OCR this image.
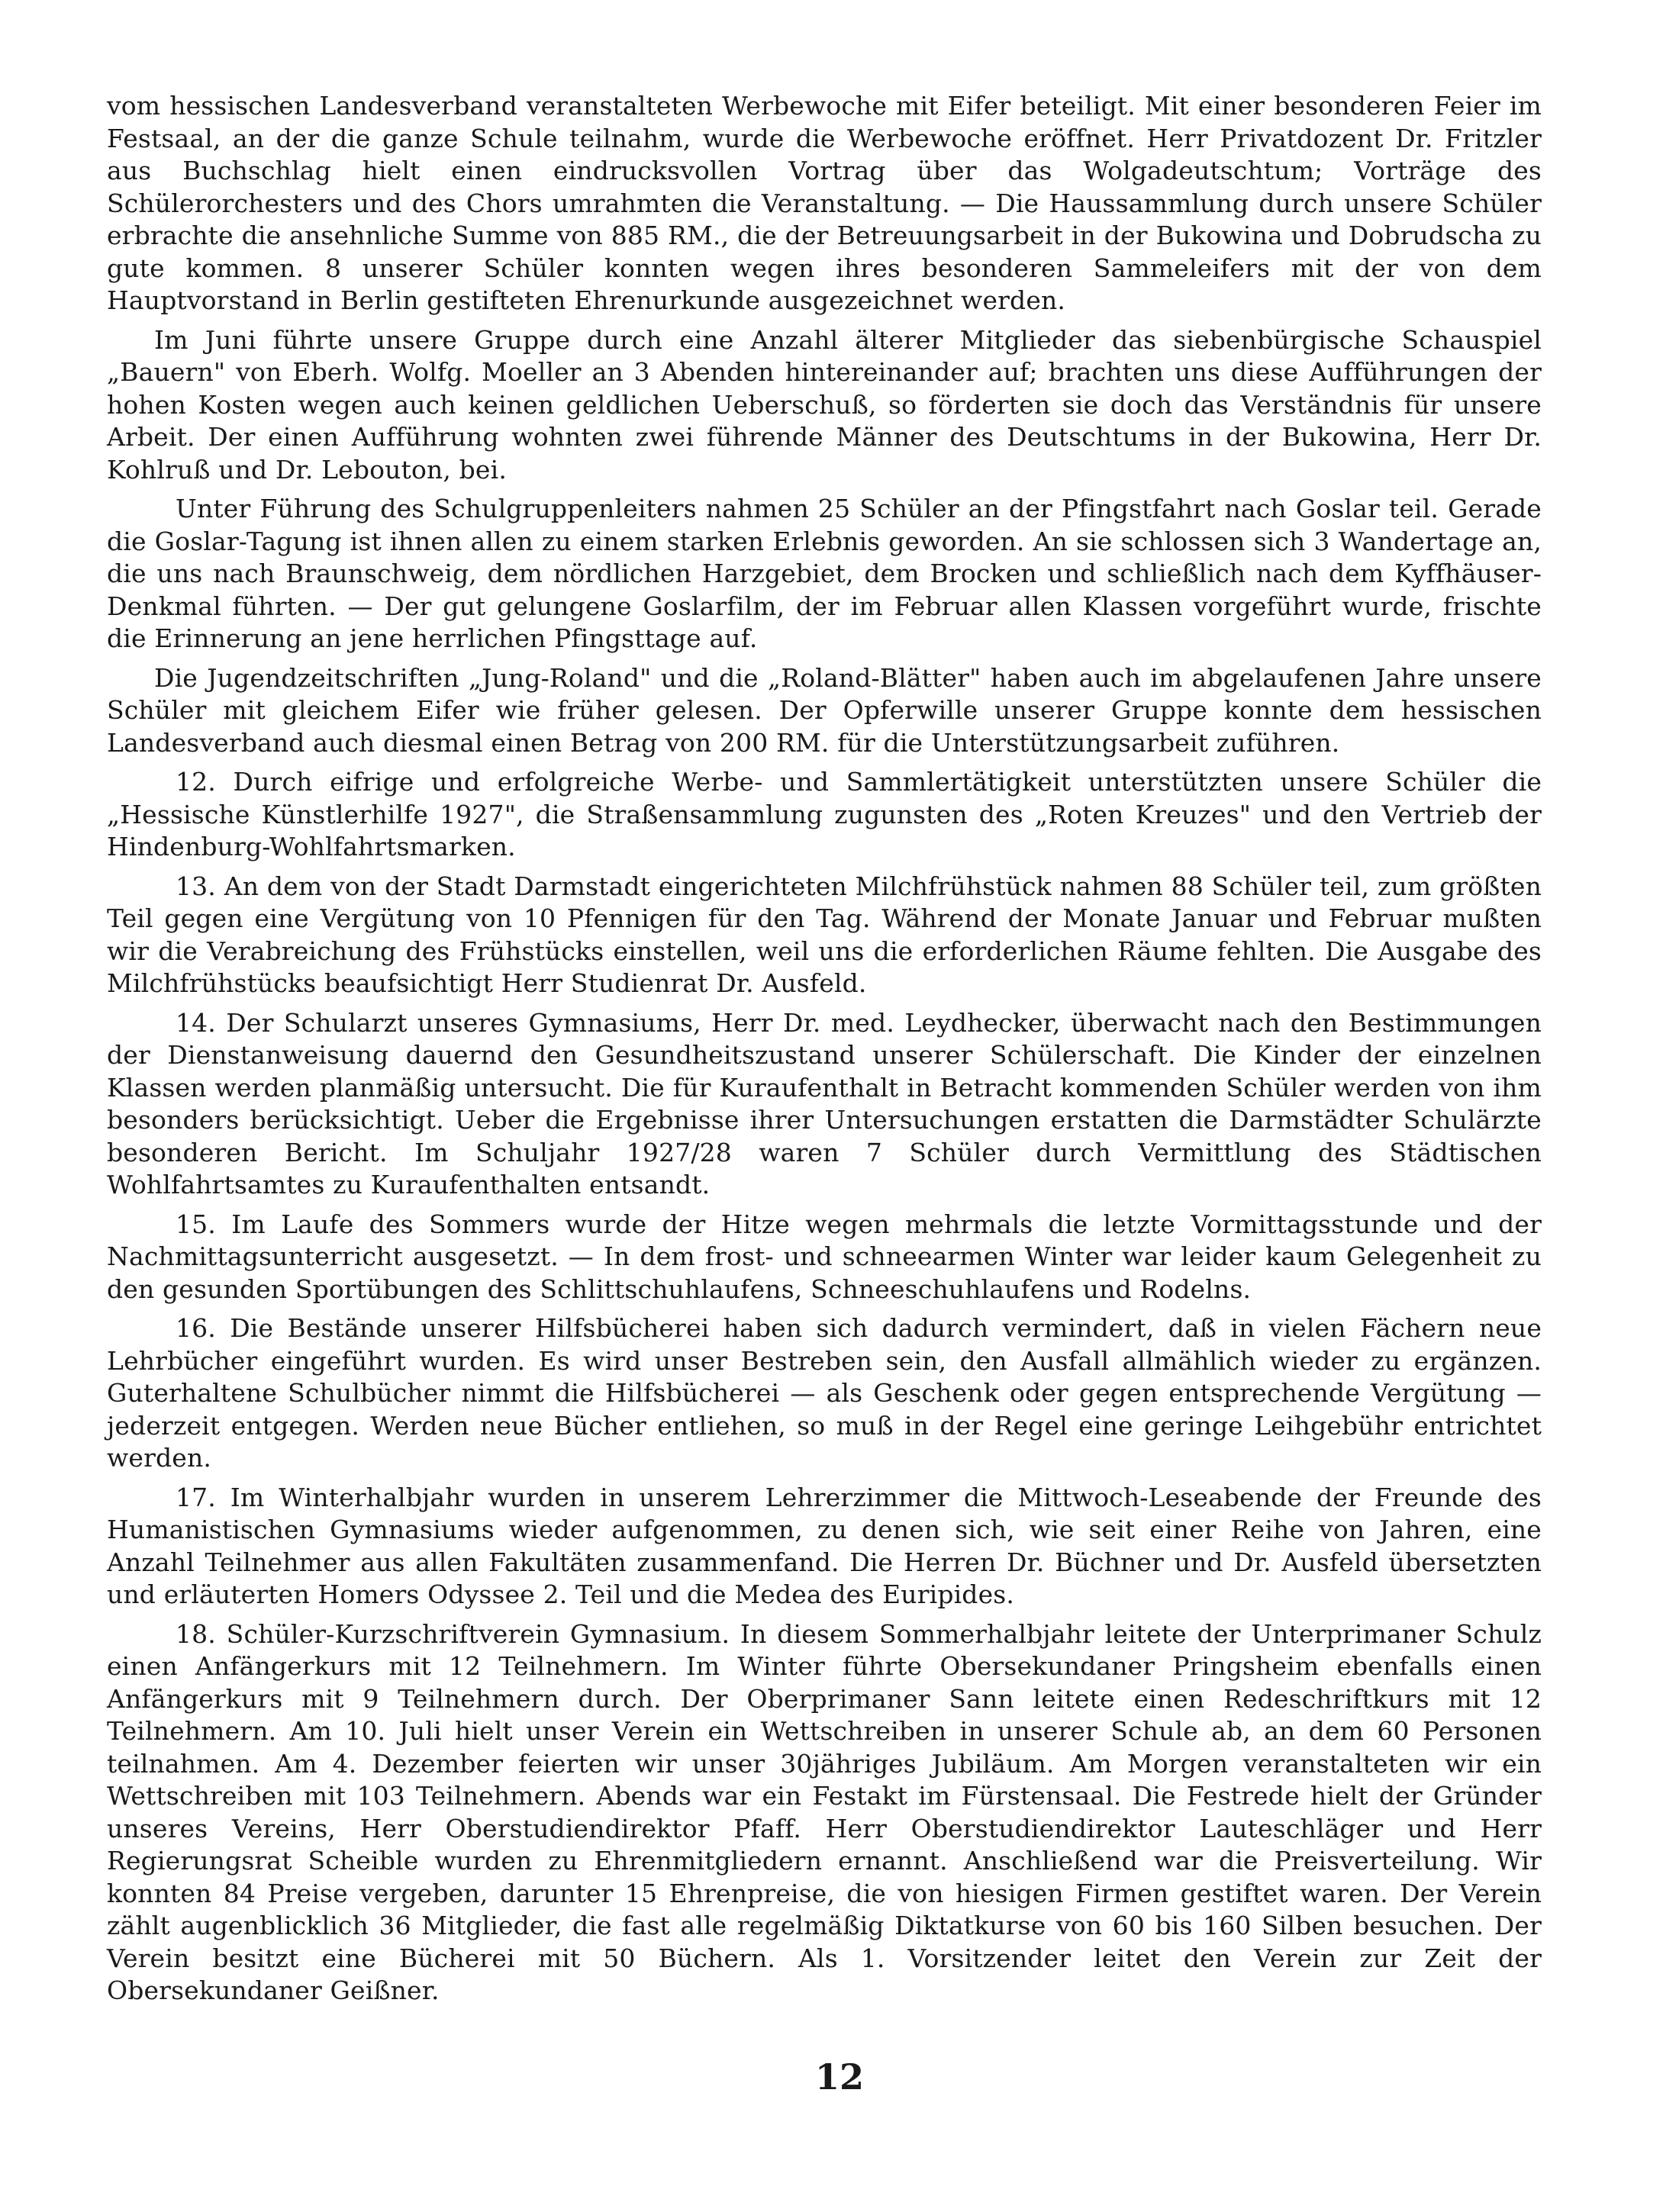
vom hessischen Landesverband veranstalteten Werbewoche mit Eifer beteiligt. Mit einer besonderen Feier im Festsaal, an der die ganze Schule teilnahm, wurde die Werbewoche eröffnet. Herr Privatdozent Dr. Fritzler aus Buchschlag hielt einen eindrucksvollen Vortrag über das Wolgadeutschtum; Vorträge des Schülerorchesters und des Chors umrahmten die Veranstaltung. — Die Haussammlung durch unsere Schüler erbrachte die ansehnliche Summe von 885 RM., die der Betreuungsarbeit in der Bukowina und Dobrudscha zu gute kommen. 8 unserer Schüler konnten wegen ihres besonderen Sammeleifers mit der von dem Hauptvorstand in Berlin gestifteten Ehrenurkunde ausgezeichnet werden.

Im Juni führte unsere Gruppe durch eine Anzahl älterer Mitglieder das siebenbürgische Schauspiel „Bauern" von Eberh. Wolfg. Moeller an 3 Abenden hintereinander auf; brachten uns diese Aufführungen der hohen Kosten wegen auch keinen geldlichen Ueberschuß, so förderten sie doch das Verständnis für unsere Arbeit. Der einen Aufführung wohnten zwei führende Männer des Deutschtums in der Bukowina, Herr Dr. Kohlruß und Dr. Lebouton, bei.

Unter Führung des Schulgruppenleiters nahmen 25 Schüler an der Pfingstfahrt nach Goslar teil. Gerade die Goslar-Tagung ist ihnen allen zu einem starken Erlebnis geworden. An sie schlossen sich 3 Wandertage an, die uns nach Braunschweig, dem nördlichen Harzgebiet, dem Brocken und schließlich nach dem Kyffhäuser-Denkmal führten. — Der gut gelungene Goslarfilm, der im Februar allen Klassen vorgeführt wurde, frischte die Erinnerung an jene herrlichen Pfingsttage auf.

Die Jugendzeitschriften „Jung-Roland" und die „Roland-Blätter" haben auch im abgelaufenen Jahre unsere Schüler mit gleichem Eifer wie früher gelesen. Der Opferwille unserer Gruppe konnte dem hessischen Landesverband auch diesmal einen Betrag von 200 RM. für die Unterstützungsarbeit zuführen.

12. Durch eifrige und erfolgreiche Werbe- und Sammlertätigkeit unterstützten unsere Schüler die „Hessische Künstlerhilfe 1927", die Straßensammlung zugunsten des „Roten Kreuzes" und den Vertrieb der Hindenburg-Wohlfahrtsmarken.

13. An dem von der Stadt Darmstadt eingerichteten Milchfrühstück nahmen 88 Schüler teil, zum größten Teil gegen eine Vergütung von 10 Pfennigen für den Tag. Während der Monate Januar und Februar mußten wir die Verabreichung des Frühstücks einstellen, weil uns die erforderlichen Räume fehlten. Die Ausgabe des Milchfrühstücks beaufsichtigt Herr Studienrat Dr. Ausfeld.

14. Der Schularzt unseres Gymnasiums, Herr Dr. med. Leydhecker, überwacht nach den Bestimmungen der Dienstanweisung dauernd den Gesundheitszustand unserer Schülerschaft. Die Kinder der einzelnen Klassen werden planmäßig untersucht. Die für Kuraufenthalt in Betracht kommenden Schüler werden von ihm besonders berücksichtigt. Ueber die Ergebnisse ihrer Untersuchungen erstatten die Darmstädter Schulärzte besonderen Bericht. Im Schuljahr 1927/28 waren 7 Schüler durch Vermittlung des Städtischen Wohlfahrtsamtes zu Kuraufenthalten entsandt.

15. Im Laufe des Sommers wurde der Hitze wegen mehrmals die letzte Vormittagsstunde und der Nachmittagsunterricht ausgesetzt. — In dem frost- und schneearmen Winter war leider kaum Gelegenheit zu den gesunden Sportübungen des Schlittschuhlaufens, Schneeschuhlaufens und Rodelns.

16. Die Bestände unserer Hilfsbücherei haben sich dadurch vermindert, daß in vielen Fächern neue Lehrbücher eingeführt wurden. Es wird unser Bestreben sein, den Ausfall allmählich wieder zu ergänzen. Guterhaltene Schulbücher nimmt die Hilfsbücherei — als Geschenk oder gegen entsprechende Vergütung — jederzeit entgegen. Werden neue Bücher entliehen, so muß in der Regel eine geringe Leihgebühr entrichtet werden.

17. Im Winterhalbjahr wurden in unserem Lehrerzimmer die Mittwoch-Leseabende der Freunde des Humanistischen Gymnasiums wieder aufgenommen, zu denen sich, wie seit einer Reihe von Jahren, eine Anzahl Teilnehmer aus allen Fakultäten zusammenfand. Die Herren Dr. Büchner und Dr. Ausfeld übersetzten und erläuterten Homers Odyssee 2. Teil und die Medea des Euripides.

18. Schüler-Kurzschriftverein Gymnasium. In diesem Sommerhalbjahr leitete der Unterprimaner Schulz einen Anfängerkurs mit 12 Teilnehmern. Im Winter führte Obersekundaner Pringsheim ebenfalls einen Anfängerkurs mit 9 Teilnehmern durch. Der Oberprimaner Sann leitete einen Redeschriftkurs mit 12 Teilnehmern. Am 10. Juli hielt unser Verein ein Wettschreiben in unserer Schule ab, an dem 60 Personen teilnahmen. Am 4. Dezember feierten wir unser 30jähriges Jubiläum. Am Morgen veranstalteten wir ein Wettschreiben mit 103 Teilnehmern. Abends war ein Festakt im Fürstensaal. Die Festrede hielt der Gründer unseres Vereins, Herr Oberstudiendirektor Pfaff. Herr Oberstudiendirektor Lauteschläger und Herr Regierungsrat Scheible wurden zu Ehrenmitgliedern ernannt. Anschließend war die Preisverteilung. Wir konnten 84 Preise vergeben, darunter 15 Ehrenpreise, die von hiesigen Firmen gestiftet waren. Der Verein zählt augenblicklich 36 Mitglieder, die fast alle regelmäßig Diktatkurse von 60 bis 160 Silben besuchen. Der Verein besitzt eine Bücherei mit 50 Büchern. Als 1. Vorsitzender leitet den Verein zur Zeit der Obersekundaner Geißner.

12
